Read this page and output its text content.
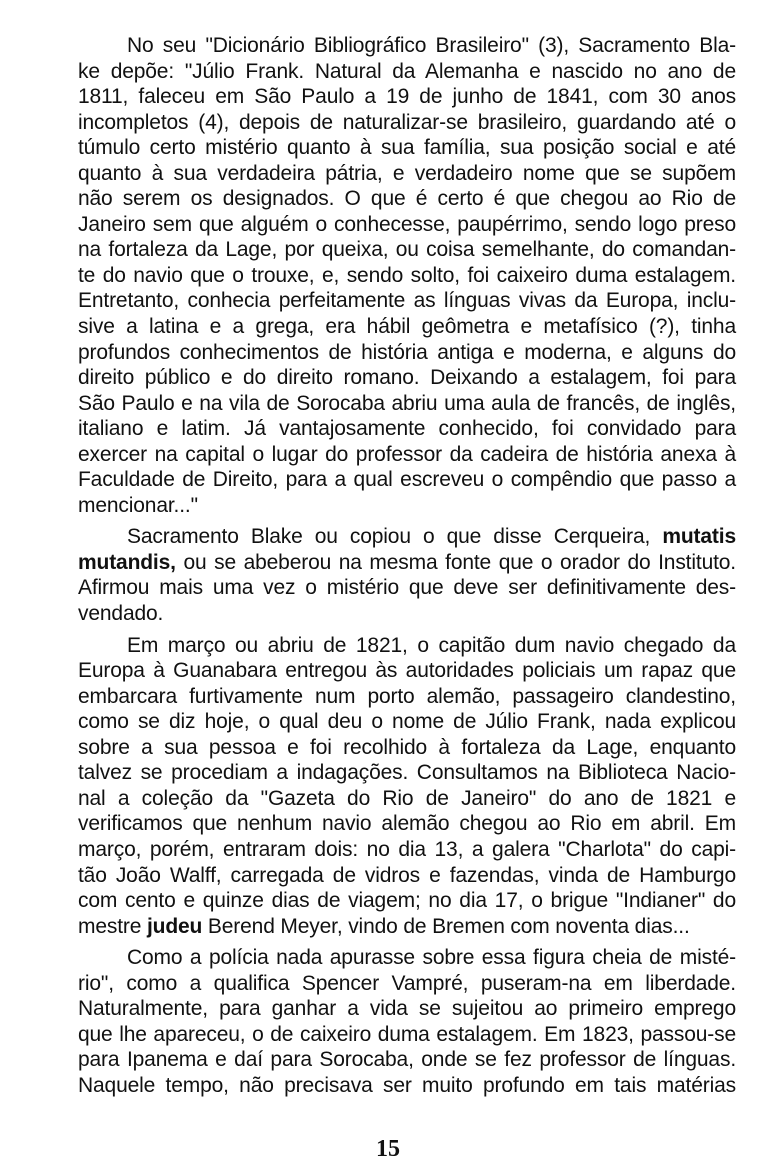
No seu "Dicionário Bibliográfico Brasileiro" (3), Sacramento Bla-
ke depõe: "Júlio Frank. Natural da Alemanha e nascido no ano de
1811, faleceu em São Paulo a 19 de junho de 1841, com 30 anos
incompletos (4), depois de naturalizar-se brasileiro, guardando até o
túmulo certo mistério quanto à sua família, sua posição social e até
quanto à sua verdadeira pátria, e verdadeiro nome que se supõem
não serem os designados. O que é certo é que chegou ao Rio de
Janeiro sem que alguém o conhecesse, paupérrimo, sendo logo preso
na fortaleza da Lage, por queixa, ou coisa semelhante, do comandan-
te do navio que o trouxe, e, sendo solto, foi caixeiro duma estalagem.
Entretanto, conhecia perfeitamente as línguas vivas da Europa, inclu-
sive a latina e a grega, era hábil geômetra e metafísico (?), tinha
profundos conhecimentos de história antiga e moderna, e alguns do
direito público e do direito romano. Deixando a estalagem, foi para
São Paulo e na vila de Sorocaba abriu uma aula de francês, de inglês,
italiano e latim. Já vantajosamente conhecido, foi convidado para
exercer na capital o lugar do professor da cadeira de história anexa à
Faculdade de Direito, para a qual escreveu o compêndio que passo a
mencionar..."
Sacramento Blake ou copiou o que disse Cerqueira, mutatis
mutandis, ou se abeberou na mesma fonte que o orador do Instituto.
Afirmou mais uma vez o mistério que deve ser definitivamente des-
vendado.
Em março ou abriu de 1821, o capitão dum navio chegado da
Europa à Guanabara entregou às autoridades policiais um rapaz que
embarcara furtivamente num porto alemão, passageiro clandestino,
como se diz hoje, o qual deu o nome de Júlio Frank, nada explicou
sobre a sua pessoa e foi recolhido à fortaleza da Lage, enquanto
talvez se procediam a indagações. Consultamos na Biblioteca Nacio-
nal a coleção da "Gazeta do Rio de Janeiro" do ano de 1821 e
verificamos que nenhum navio alemão chegou ao Rio em abril. Em
março, porém, entraram dois: no dia 13, a galera "Charlota" do capi-
tão João Walff, carregada de vidros e fazendas, vinda de Hamburgo
com cento e quinze dias de viagem; no dia 17, o brigue "Indianer" do
mestre judeu Berend Meyer, vindo de Bremen com noventa dias...
Como a polícia nada apurasse sobre essa figura cheia de misté-
rio", como a qualifica Spencer Vampré, puseram-na em liberdade.
Naturalmente, para ganhar a vida se sujeitou ao primeiro emprego
que lhe apareceu, o de caixeiro duma estalagem. Em 1823, passou-se
para Ipanema e daí para Sorocaba, onde se fez professor de línguas.
Naquele tempo, não precisava ser muito profundo em tais matérias
15
